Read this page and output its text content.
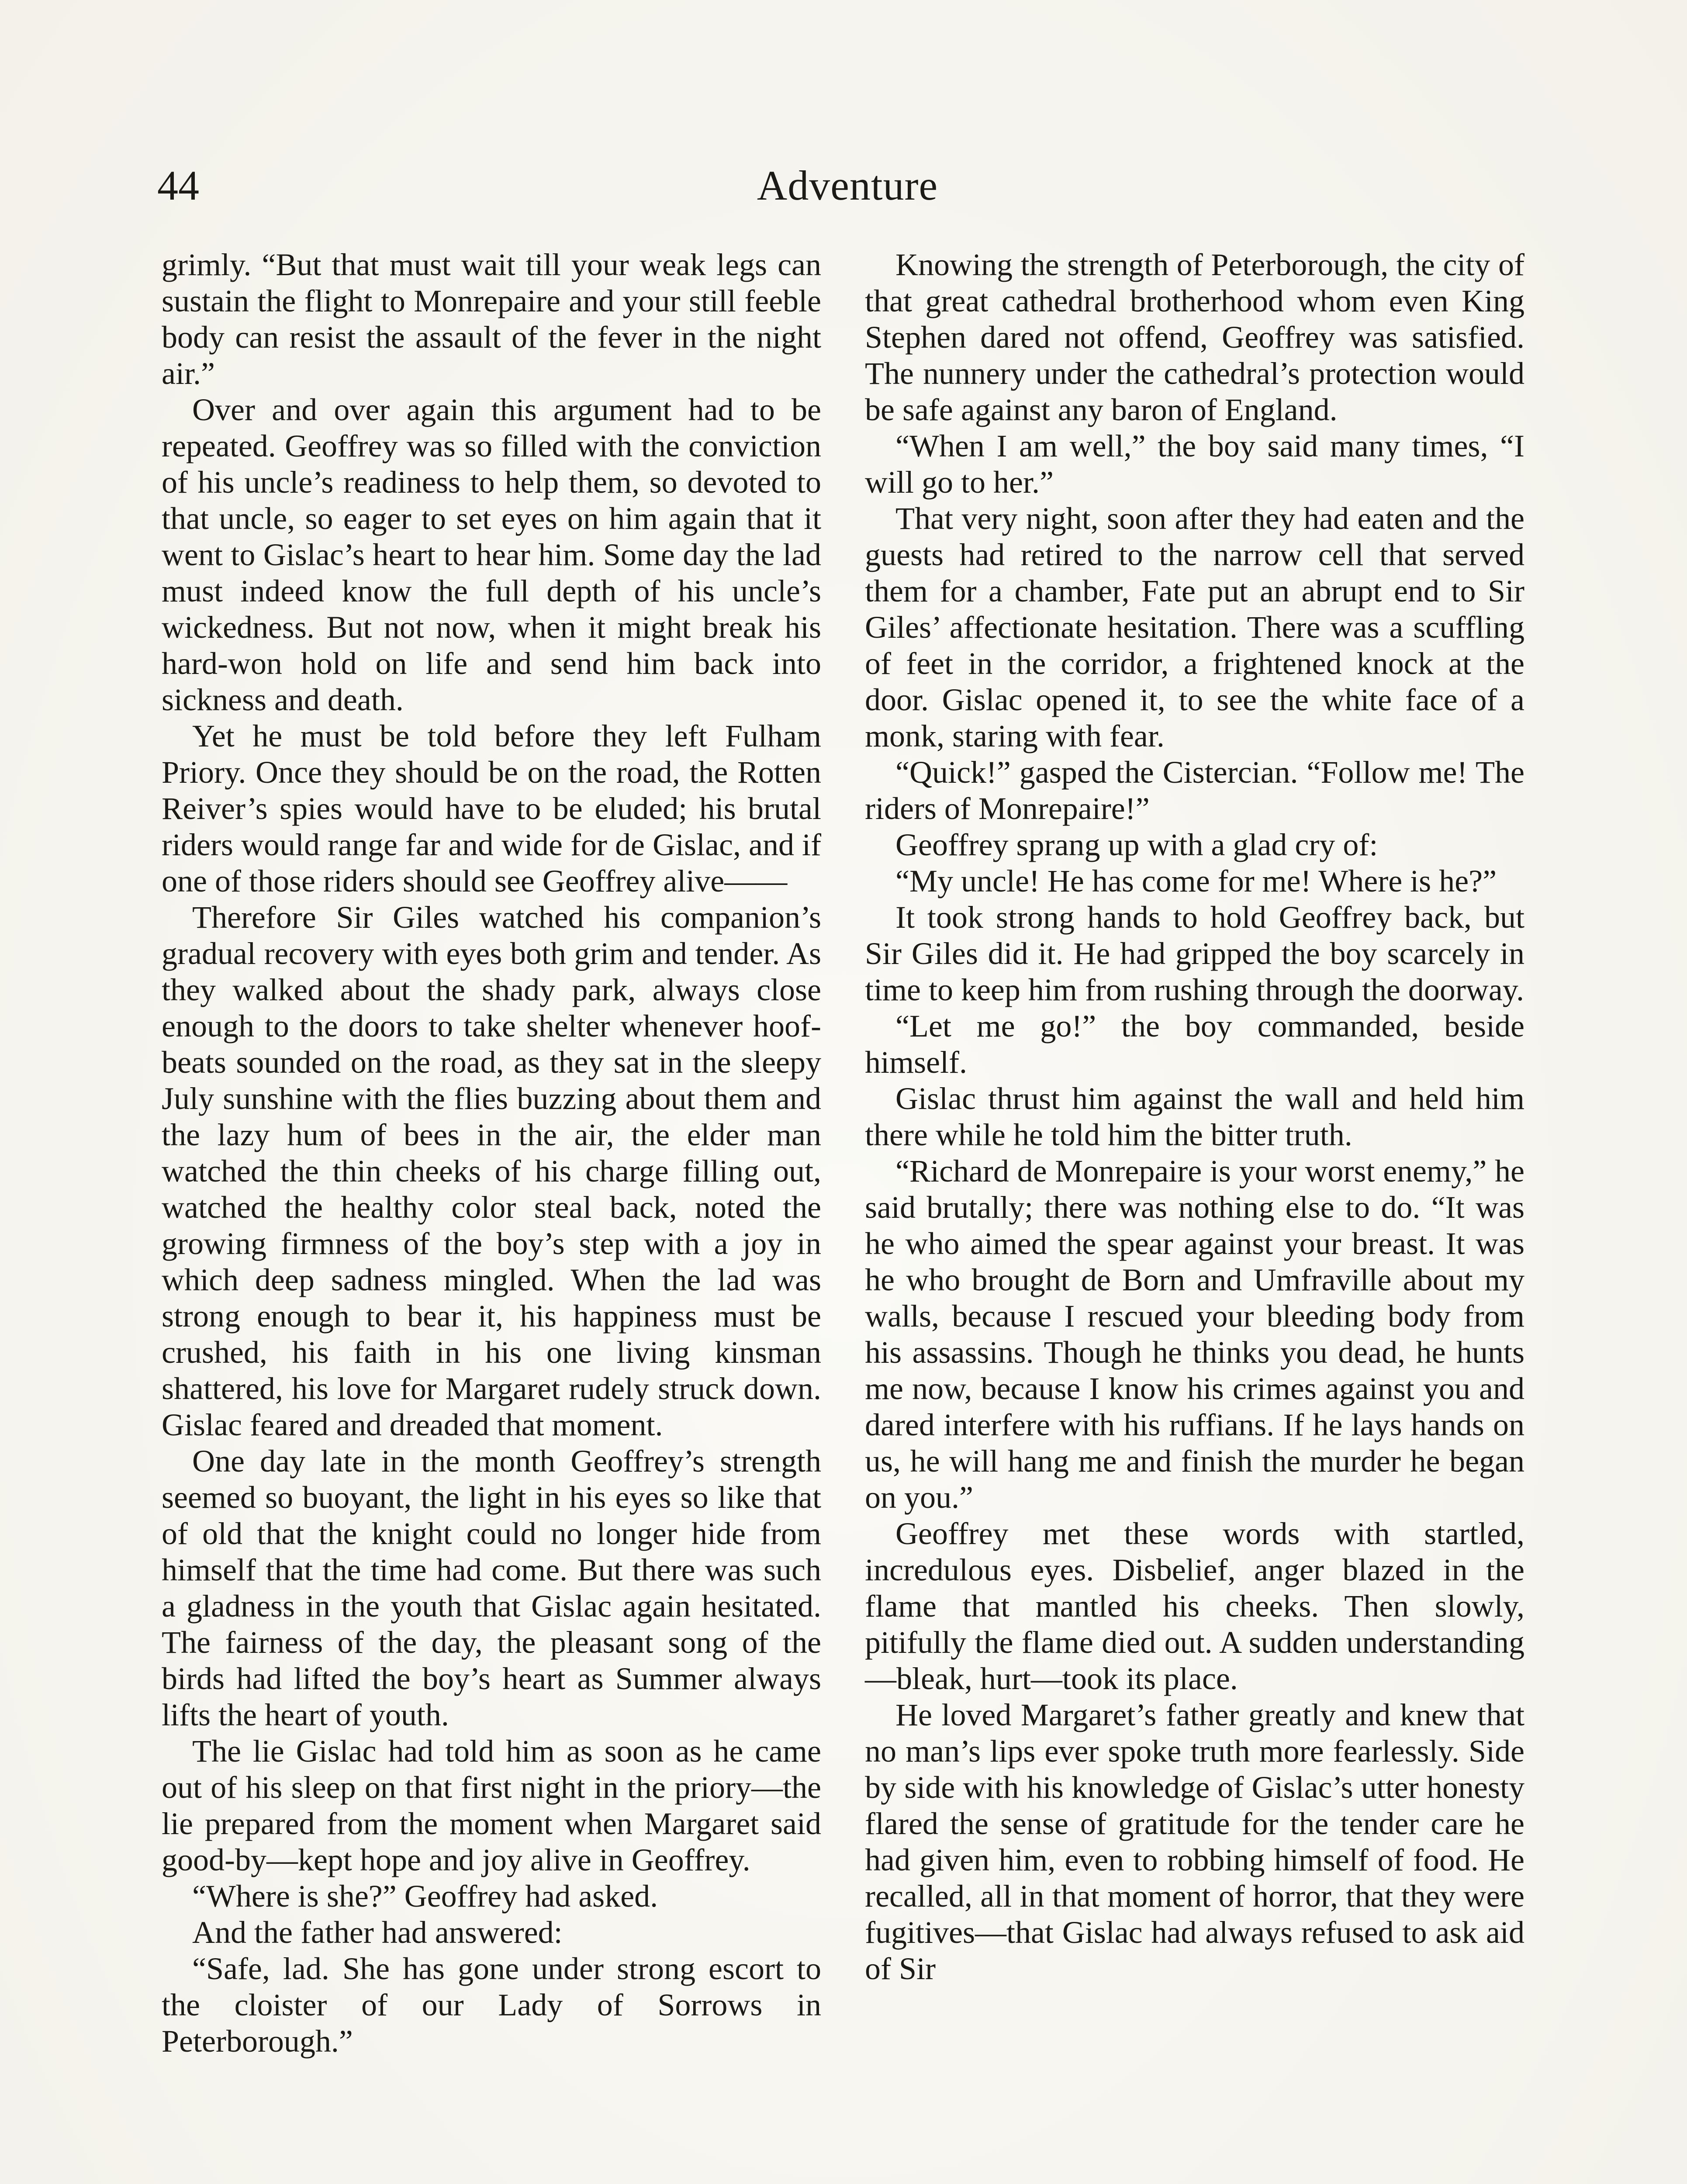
44	Adventure

grimly. “But that must wait till your weak legs can sustain the flight to Monrepaire and your still feeble body can resist the assault of the fever in the night air.”

Over and over again this argument had to be repeated. Geoffrey was so filled with the conviction of his uncle’s readiness to help them, so devoted to that uncle, so eager to set eyes on him again that it went to Gislac’s heart to hear him. Some day the lad must indeed know the full depth of his uncle’s wickedness. But not now, when it might break his hard-won hold on life and send him back into sickness and death.

Yet he must be told before they left Fulham Priory. Once they should be on the road, the Rotten Reiver’s spies would have to be eluded; his brutal riders would range far and wide for de Gislac, and if one of those riders should see Geoffrey alive——

Therefore Sir Giles watched his companion’s gradual recovery with eyes both grim and tender. As they walked about the shady park, always close enough to the doors to take shelter whenever hoof-beats sounded on the road, as they sat in the sleepy July sunshine with the flies buzzing about them and the lazy hum of bees in the air, the elder man watched the thin cheeks of his charge filling out, watched the healthy color steal back, noted the growing firmness of the boy’s step with a joy in which deep sadness mingled. When the lad was strong enough to bear it, his happiness must be crushed, his faith in his one living kinsman shattered, his love for Margaret rudely struck down. Gislac feared and dreaded that moment.

One day late in the month Geoffrey’s strength seemed so buoyant, the light in his eyes so like that of old that the knight could no longer hide from himself that the time had come. But there was such a gladness in the youth that Gislac again hesitated. The fairness of the day, the pleasant song of the birds had lifted the boy’s heart as Summer always lifts the heart of youth.

The lie Gislac had told him as soon as he came out of his sleep on that first night in the priory—the lie prepared from the moment when Margaret said good-by—kept hope and joy alive in Geoffrey.

“Where is she?” Geoffrey had asked.

And the father had answered:

“Safe, lad. She has gone under strong escort to the cloister of our Lady of Sorrows in Peterborough.”

Knowing the strength of Peterborough, the city of that great cathedral brotherhood whom even King Stephen dared not offend, Geoffrey was satisfied. The nunnery under the cathedral’s protection would be safe against any baron of England.

“When I am well,” the boy said many times, “I will go to her.”

That very night, soon after they had eaten and the guests had retired to the narrow cell that served them for a chamber, Fate put an abrupt end to Sir Giles’ affectionate hesitation. There was a scuffling of feet in the corridor, a frightened knock at the door. Gislac opened it, to see the white face of a monk, staring with fear.

“Quick!” gasped the Cistercian. “Follow me! The riders of Monrepaire!”

Geoffrey sprang up with a glad cry of:

“My uncle! He has come for me! Where is he?”

It took strong hands to hold Geoffrey back, but Sir Giles did it. He had gripped the boy scarcely in time to keep him from rushing through the doorway.

“Let me go!” the boy commanded, beside himself.

Gislac thrust him against the wall and held him there while he told him the bitter truth.

“Richard de Monrepaire is your worst enemy,” he said brutally; there was nothing else to do. “It was he who aimed the spear against your breast. It was he who brought de Born and Umfraville about my walls, because I rescued your bleeding body from his assassins. Though he thinks you dead, he hunts me now, because I know his crimes against you and dared interfere with his ruffians. If he lays hands on us, he will hang me and finish the murder he began on you.”

Geoffrey met these words with startled, incredulous eyes. Disbelief, anger blazed in the flame that mantled his cheeks. Then slowly, pitifully the flame died out. A sudden understanding—bleak, hurt—took its place.

He loved Margaret’s father greatly and knew that no man’s lips ever spoke truth more fearlessly. Side by side with his knowledge of Gislac’s utter honesty flared the sense of gratitude for the tender care he had given him, even to robbing himself of food. He recalled, all in that moment of horror, that they were fugitives—that Gislac had always refused to ask aid of Sir
